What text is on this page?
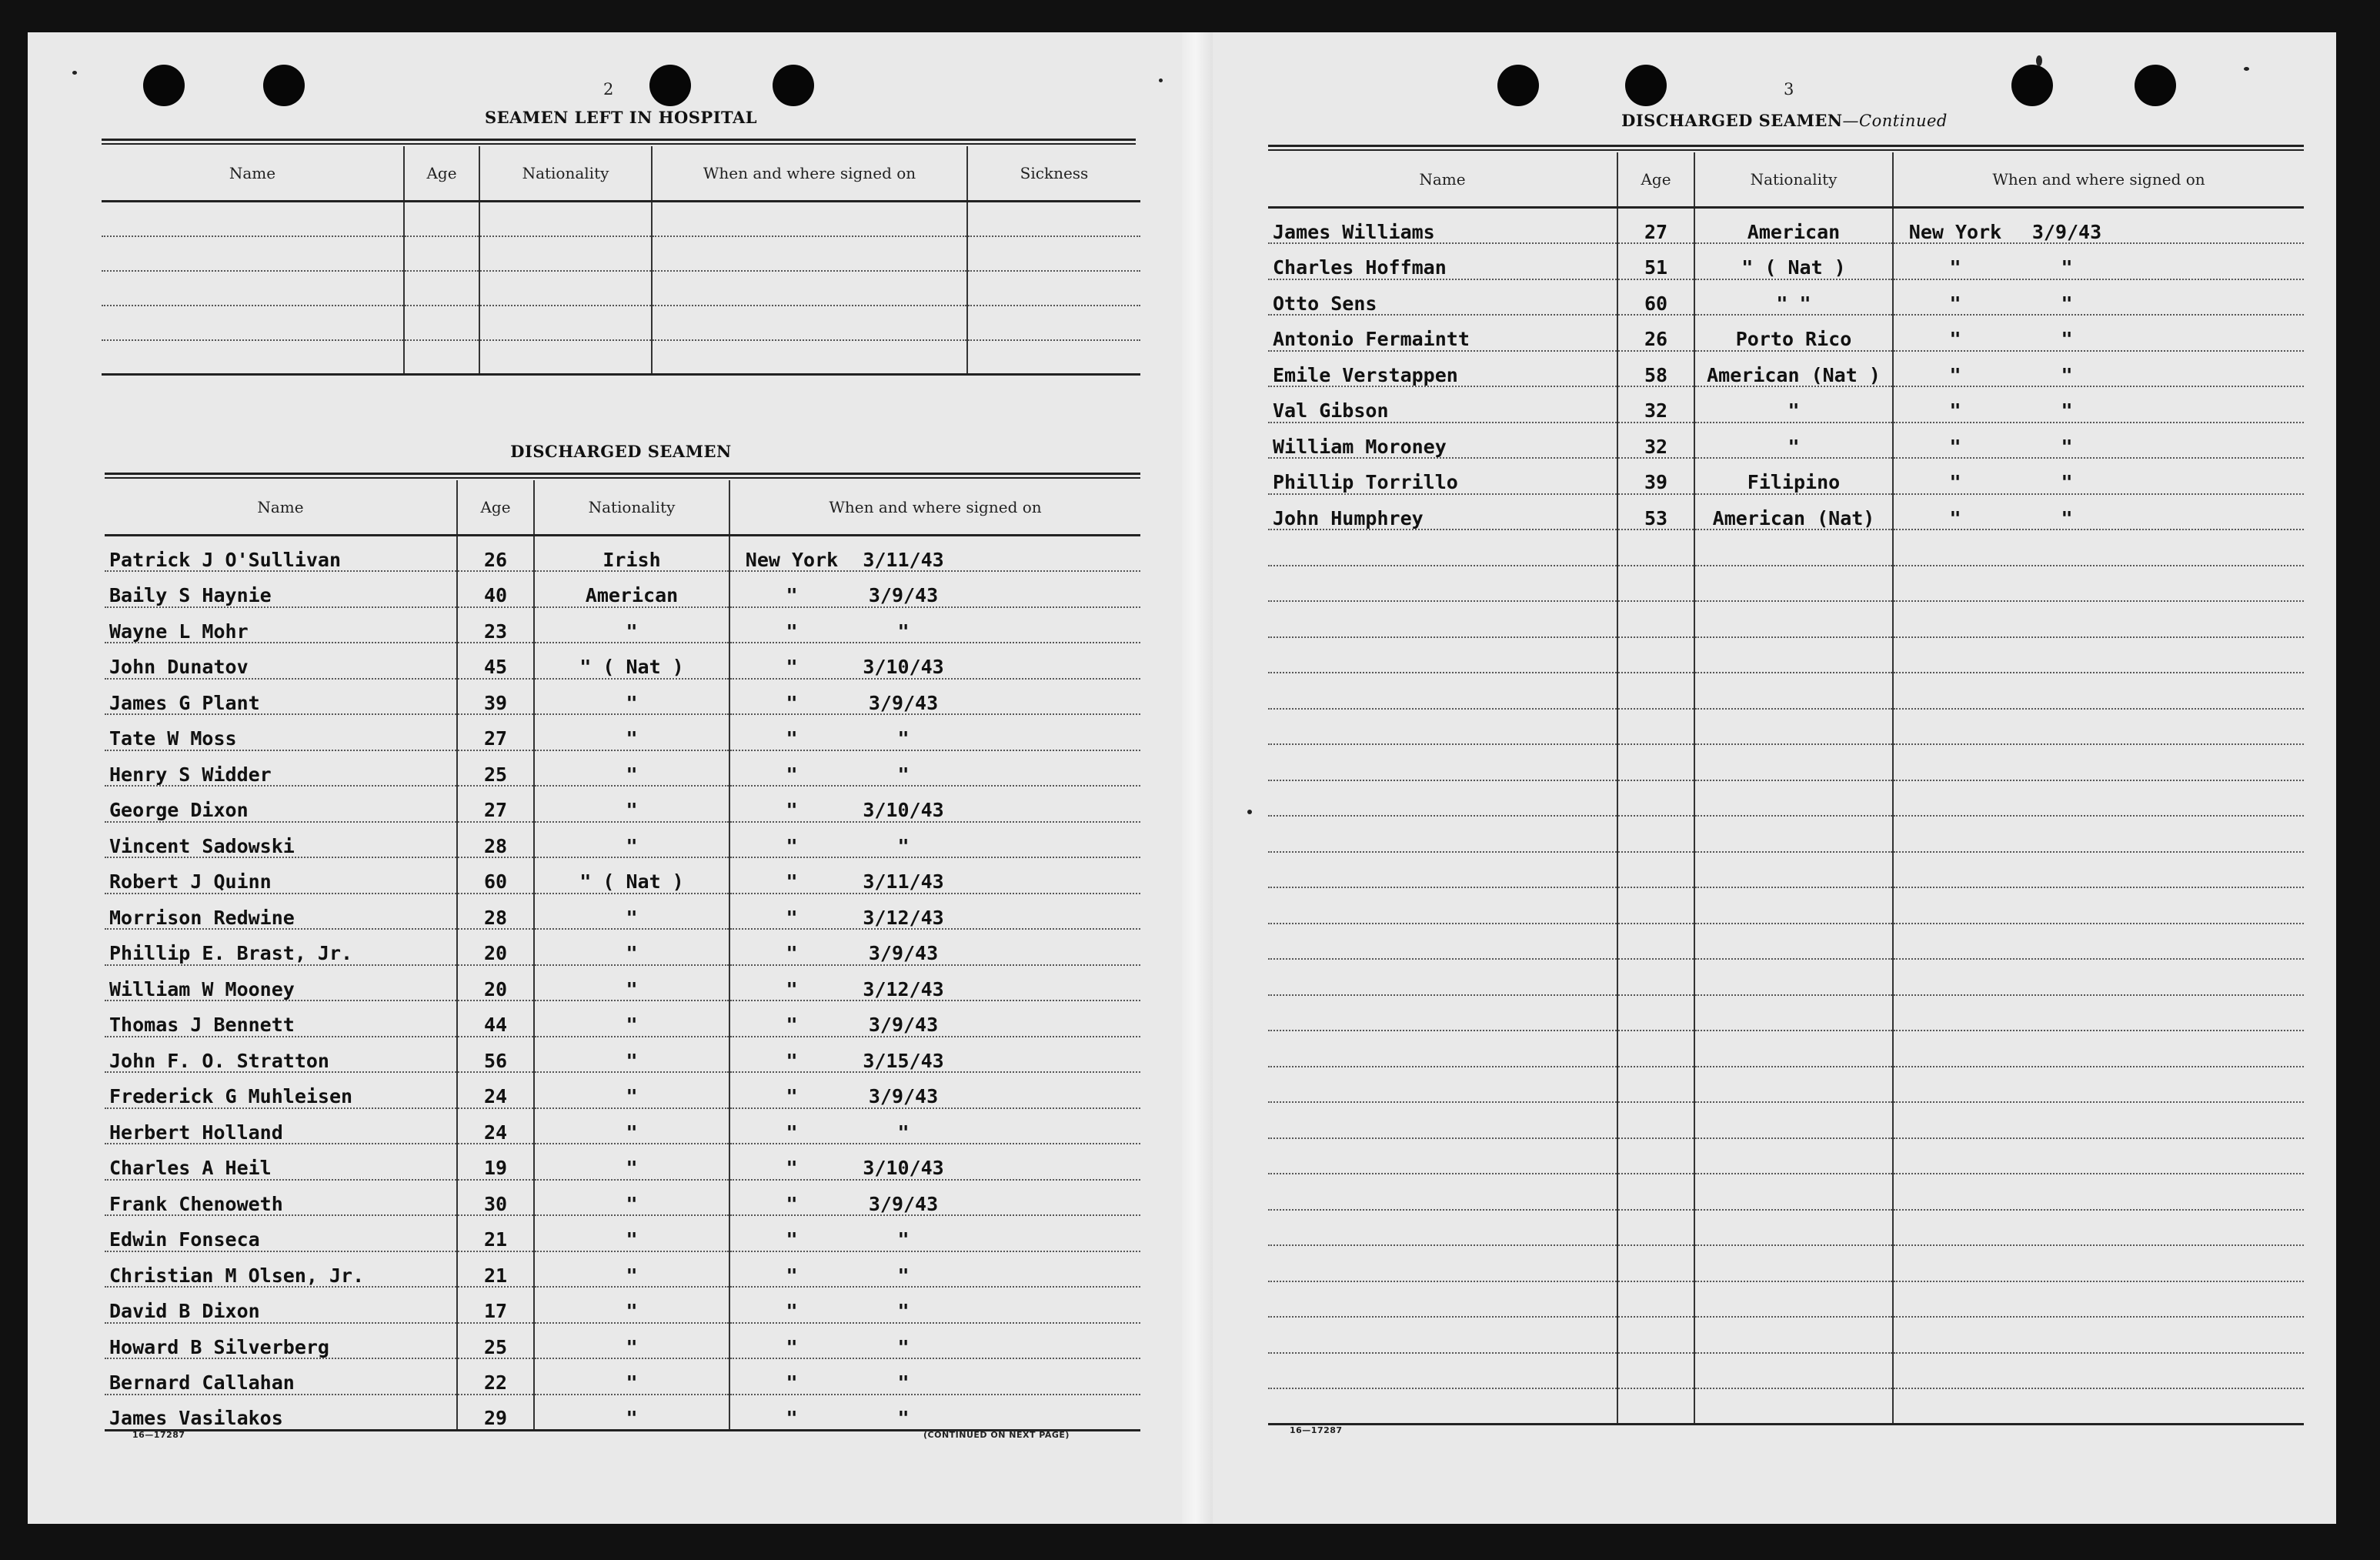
2
SEAMEN LEFT IN HOSPITAL
Name	Age	Nationality	When and where signed on	Sickness

DISCHARGED SEAMEN
Name	Age	Nationality	When and where signed on
Patrick J O'Sullivan	26	Irish	New York 3/11/43
Baily S Haynie	40	American	" 3/9/43
Wayne L Mohr	23	"	" "
John Dunatov	45	" ( Nat )	" 3/10/43
James G Plant	39	"	" 3/9/43
Tate W Moss	27	"	" "
Henry S Widder	25	"	" "
George Dixon	27	"	" 3/10/43
Vincent Sadowski	28	"	" "
Robert J Quinn	60	" ( Nat )	" 3/11/43
Morrison Redwine	28	"	" 3/12/43
Phillip E. Brast, Jr.	20	"	" 3/9/43
William W Mooney	20	"	" 3/12/43
Thomas J Bennett	44	"	" 3/9/43
John F. O. Stratton	56	"	" 3/15/43
Frederick G Muhleisen	24	"	" 3/9/43
Herbert Holland	24	"	" "
Charles A Heil	19	"	" 3/10/43
Frank Chenoweth	30	"	" 3/9/43
Edwin Fonseca	21	"	" "
Christian M Olsen, Jr.	21	"	" "
David B Dixon	17	"	" "
Howard B Silverberg	25	"	" "
Bernard Callahan	22	"	" "
James Vasilakos	29	"	" "
16—17287	(CONTINUED ON NEXT PAGE)
3
DISCHARGED SEAMEN—Continued
Name	Age	Nationality	When and where signed on
James Williams	27	American	New York 3/9/43
Charles Hoffman	51	" ( Nat )	" "
Otto Sens	60	" "	" "
Antonio Fermaintt	26	Porto Rico	" "
Emile Verstappen	58	American (Nat )	" "
Val Gibson	32	"	" "
William Moroney	32	"	" "
Phillip Torrillo	39	Filipino	" "
John Humphrey	53	American (Nat)	" "

16—17287
